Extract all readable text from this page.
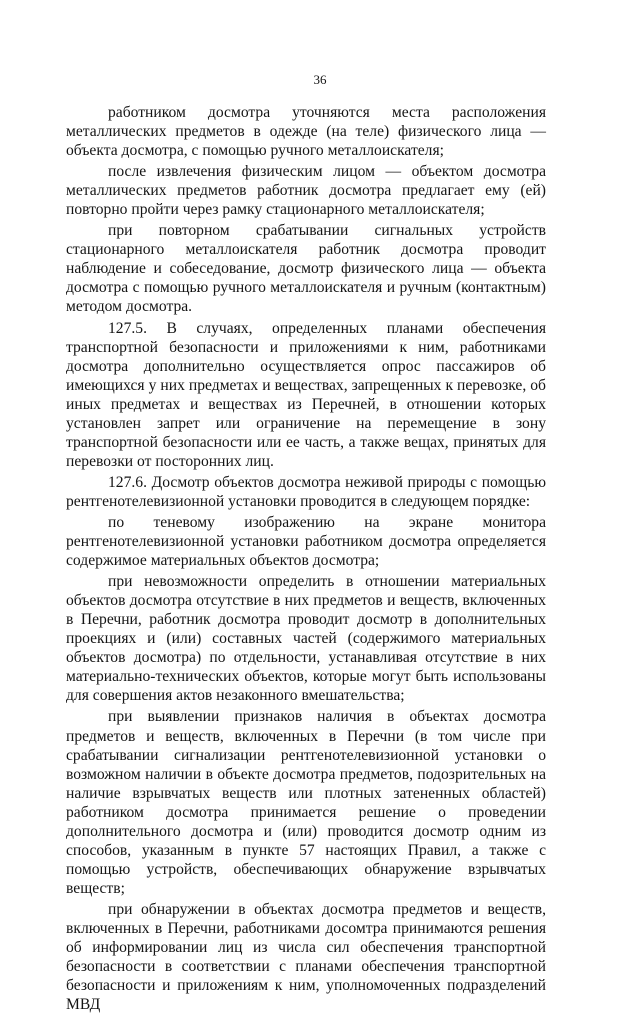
36

работником досмотра уточняются места расположения металлических предметов в одежде (на теле) физического лица — объекта досмотра, с помощью ручного металлоискателя;

после извлечения физическим лицом — объектом досмотра металлических предметов работник досмотра предлагает ему (ей) повторно пройти через рамку стационарного металлоискателя;

при повторном срабатывании сигнальных устройств стационарного металлоискателя работник досмотра проводит наблюдение и собеседование, досмотр физического лица — объекта досмотра с помощью ручного металлоискателя и ручным (контактным) методом досмотра.

127.5. В случаях, определенных планами обеспечения транспортной безопасности и приложениями к ним, работниками досмотра дополнительно осуществляется опрос пассажиров об имеющихся у них предметах и веществах, запрещенных к перевозке, об иных предметах и веществах из Перечней, в отношении которых установлен запрет или ограничение на перемещение в зону транспортной безопасности или ее часть, а также вещах, принятых для перевозки от посторонних лиц.

127.6. Досмотр объектов досмотра неживой природы с помощью рентгенотелевизионной установки проводится в следующем порядке:

по теневому изображению на экране монитора рентгенотелевизионной установки работником досмотра определяется содержимое материальных объектов досмотра;

при невозможности определить в отношении материальных объектов досмотра отсутствие в них предметов и веществ, включенных в Перечни, работник досмотра проводит досмотр в дополнительных проекциях и (или) составных частей (содержимого материальных объектов досмотра) по отдельности, устанавливая отсутствие в них материально-технических объектов, которые могут быть использованы для совершения актов незаконного вмешательства;

при выявлении признаков наличия в объектах досмотра предметов и веществ, включенных в Перечни (в том числе при срабатывании сигнализации рентгенотелевизионной установки о возможном наличии в объекте досмотра предметов, подозрительных на наличие взрывчатых веществ или плотных затененных областей) работником досмотра принимается решение о проведении дополнительного досмотра и (или) проводится досмотр одним из способов, указанным в пункте 57 настоящих Правил, а также с помощью устройств, обеспечивающих обнаружение взрывчатых веществ;

при обнаружении в объектах досмотра предметов и веществ, включенных в Перечни, работниками досомтра принимаются решения об информировании лиц из числа сил обеспечения транспортной безопасности в соответствии с планами обеспечения транспортной безопасности и приложениям к ним, уполномоченных подразделений МВД
